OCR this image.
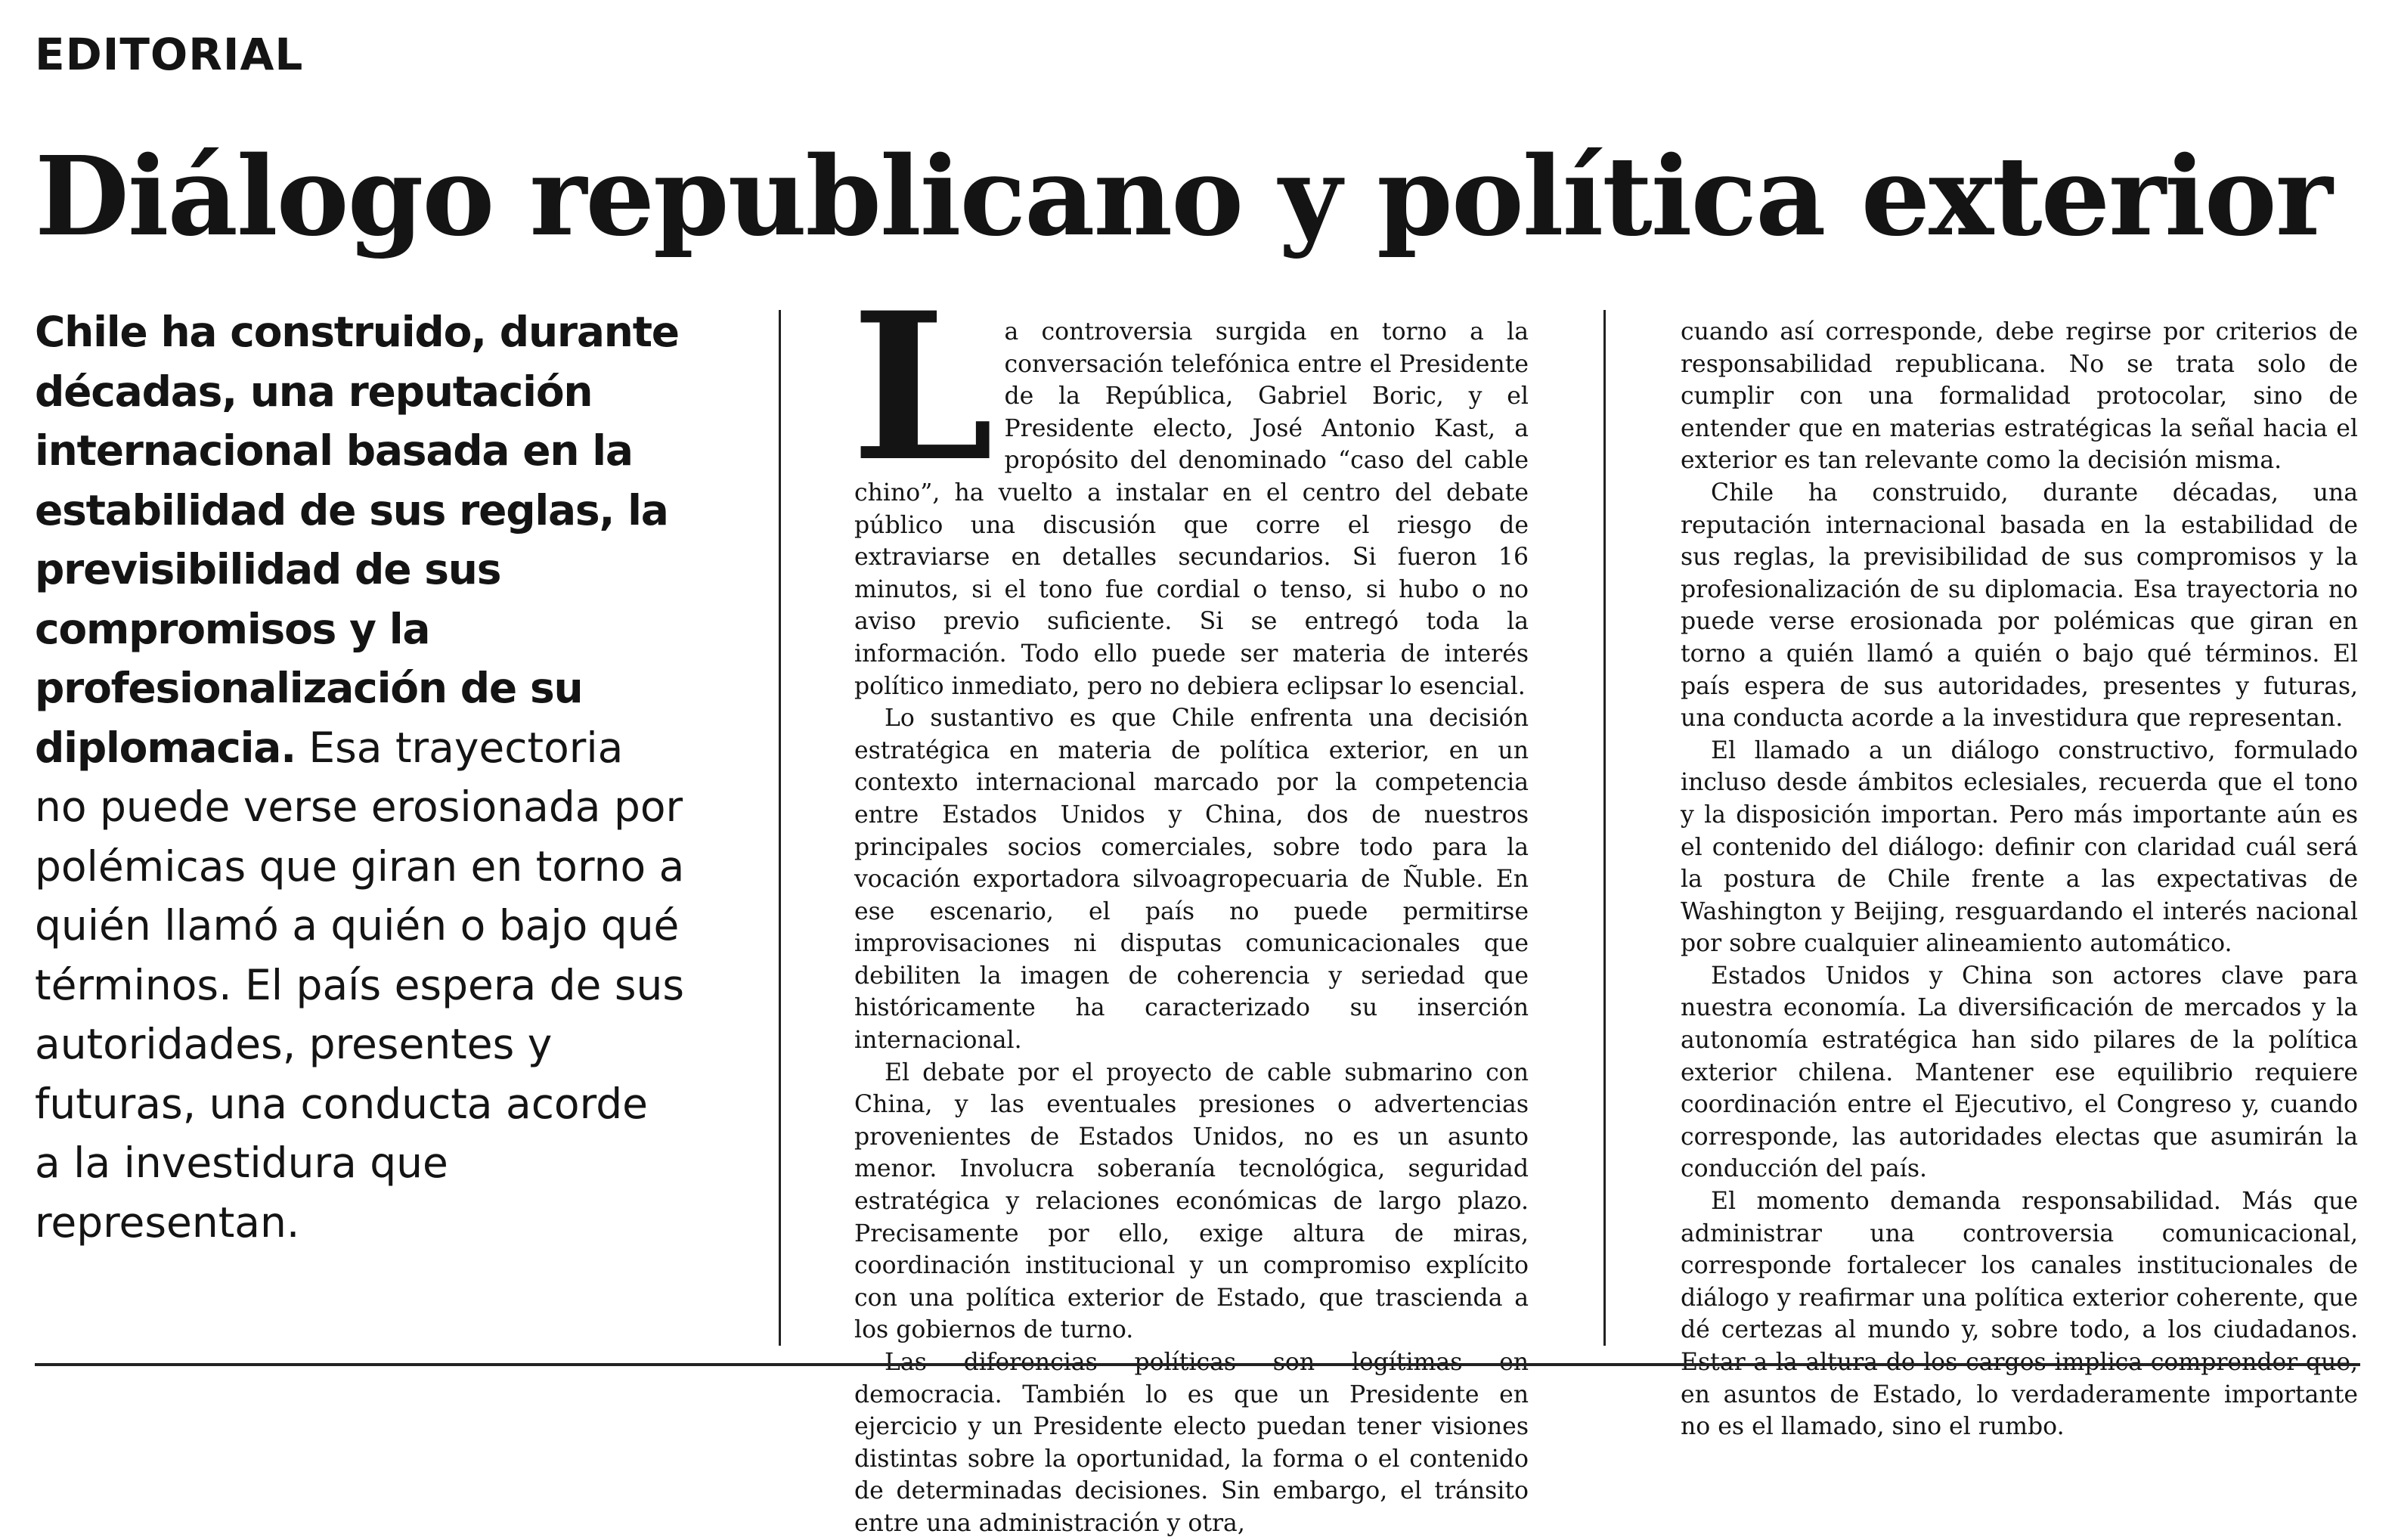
EDITORIAL
Diálogo republicano y política exterior

Chile ha construido, durante décadas, una reputación internacional basada en la estabilidad de sus reglas, la previsibilidad de sus compromisos y la profesionalización de su diplomacia. Esa trayectoria no puede verse erosionada por polémicas que giran en torno a quién llamó a quién o bajo qué términos. El país espera de sus autoridades, presentes y futuras, una conducta acorde a la investidura que representan.

La controversia surgida en torno a la conversación telefónica entre el Presidente de la República, Gabriel Boric, y el Presidente electo, José Antonio Kast, a propósito del denominado “caso del cable chino”, ha vuelto a instalar en el centro del debate público una discusión que corre el riesgo de extraviarse en detalles secundarios. Si fueron 16 minutos, si el tono fue cordial o tenso, si hubo o no aviso previo suficiente. Si se entregó toda la información. Todo ello puede ser materia de interés político inmediato, pero no debiera eclipsar lo esencial.

Lo sustantivo es que Chile enfrenta una decisión estratégica en materia de política exterior, en un contexto internacional marcado por la competencia entre Estados Unidos y China, dos de nuestros principales socios comerciales, sobre todo para la vocación exportadora silvoagropecuaria de Ñuble. En ese escenario, el país no puede permitirse improvisaciones ni disputas comunicacionales que debiliten la imagen de coherencia y seriedad que históricamente ha caracterizado su inserción internacional.

El debate por el proyecto de cable submarino con China, y las eventuales presiones o advertencias provenientes de Estados Unidos, no es un asunto menor. Involucra soberanía tecnológica, seguridad estratégica y relaciones económicas de largo plazo. Precisamente por ello, exige altura de miras, coordinación institucional y un compromiso explícito con una política exterior de Estado, que trascienda a los gobiernos de turno.

Las diferencias políticas son legítimas en democracia. También lo es que un Presidente en ejercicio y un Presidente electo puedan tener visiones distintas sobre la oportunidad, la forma o el contenido de determinadas decisiones. Sin embargo, el tránsito entre una administración y otra,

cuando así corresponde, debe regirse por criterios de responsabilidad republicana. No se trata solo de cumplir con una formalidad protocolar, sino de entender que en materias estratégicas la señal hacia el exterior es tan relevante como la decisión misma.

Chile ha construido, durante décadas, una reputación internacional basada en la estabilidad de sus reglas, la previsibilidad de sus compromisos y la profesionalización de su diplomacia. Esa trayectoria no puede verse erosionada por polémicas que giran en torno a quién llamó a quién o bajo qué términos. El país espera de sus autoridades, presentes y futuras, una conducta acorde a la investidura que representan.

El llamado a un diálogo constructivo, formulado incluso desde ámbitos eclesiales, recuerda que el tono y la disposición importan. Pero más importante aún es el contenido del diálogo: definir con claridad cuál será la postura de Chile frente a las expectativas de Washington y Beijing, resguardando el interés nacional por sobre cualquier alineamiento automático.

Estados Unidos y China son actores clave para nuestra economía. La diversificación de mercados y la autonomía estratégica han sido pilares de la política exterior chilena. Mantener ese equilibrio requiere coordinación entre el Ejecutivo, el Congreso y, cuando corresponde, las autoridades electas que asumirán la conducción del país.

El momento demanda responsabilidad. Más que administrar una controversia comunicacional, corresponde fortalecer los canales institucionales de diálogo y reafirmar una política exterior coherente, que dé certezas al mundo y, sobre todo, a los ciudadanos. Estar a la altura de los cargos implica comprender que, en asuntos de Estado, lo verdaderamente importante no es el llamado, sino el rumbo.
